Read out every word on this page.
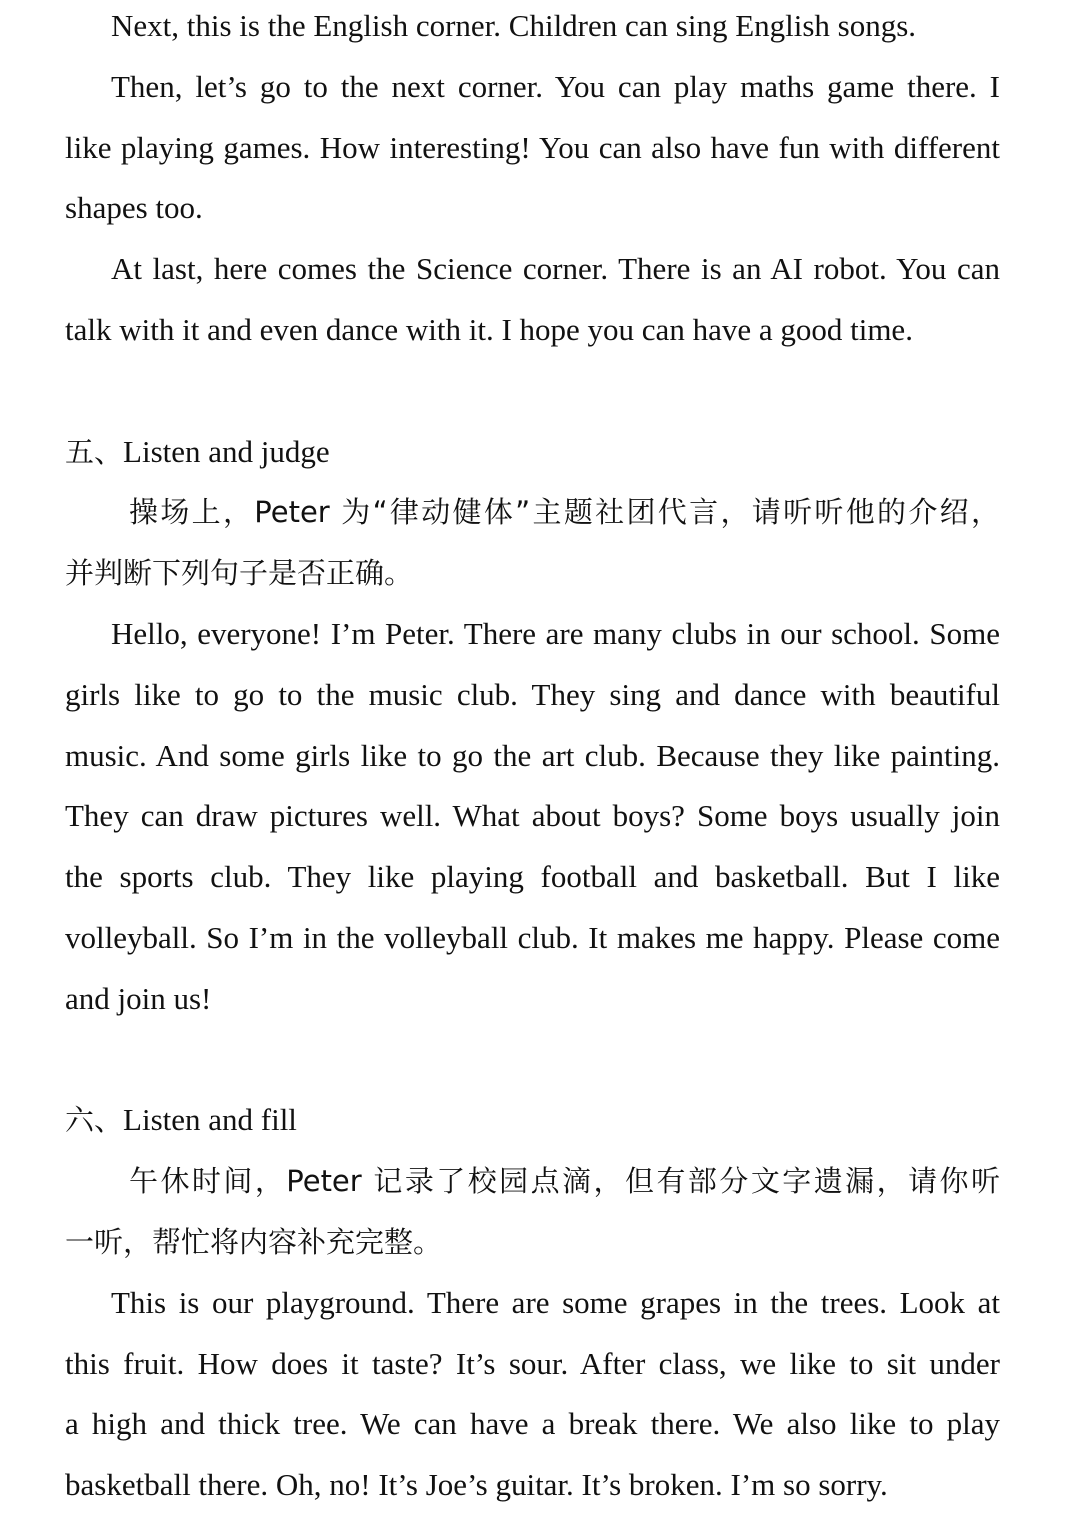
Next, this is the English corner. Children can sing English songs.
Then, let’s go to the next corner. You can play maths game there. I
like playing games. How interesting! You can also have fun with different
shapes too.
At last, here comes the Science corner. There is an AI robot. You can
talk with it and even dance with it. I hope you can have a good time.
五、Listen and judge
操场上，Peter 为“律动健体”主题社团代言，请听听他的介绍，
并判断下列句子是否正确。
Hello, everyone! I’m Peter. There are many clubs in our school. Some
girls like to go to the music club. They sing and dance with beautiful
music. And some girls like to go the art club. Because they like painting.
They can draw pictures well. What about boys? Some boys usually join
the sports club. They like playing football and basketball. But I like
volleyball. So I’m in the volleyball club. It makes me happy. Please come
and join us!
六、Listen and fill
午休时间，Peter 记录了校园点滴，但有部分文字遗漏，请你听
一听，帮忙将内容补充完整。
This is our playground. There are some grapes in the trees. Look at
this fruit. How does it taste? It’s sour. After class, we like to sit under
a high and thick tree. We can have a break there. We also like to play
basketball there. Oh, no! It’s Joe’s guitar. It’s broken. I’m so sorry.
